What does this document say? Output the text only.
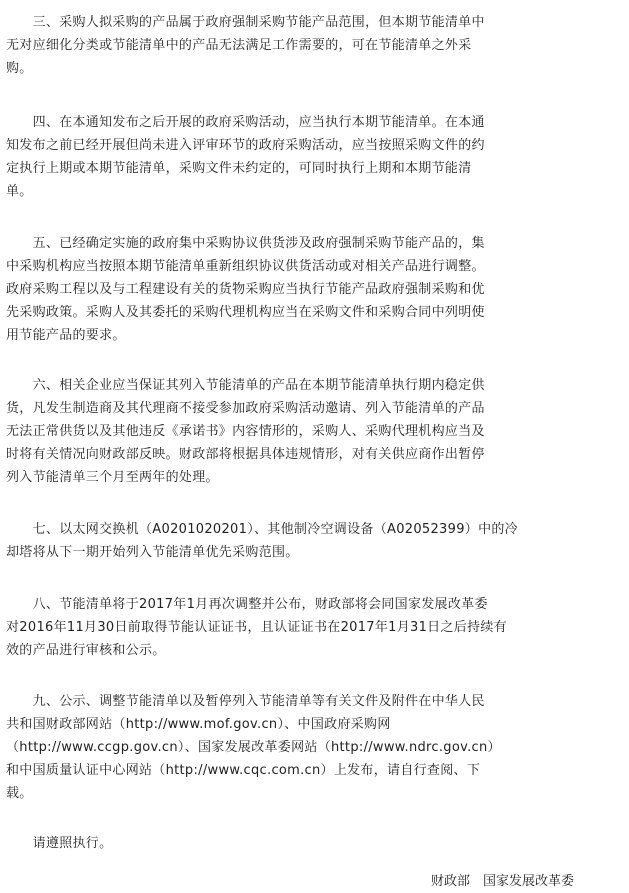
　　三、采购人拟采购的产品属于政府强制采购节能产品范围，但本期节能清单中
无对应细化分类或节能清单中的产品无法满足工作需要的，可在节能清单之外采
购。
　　四、在本通知发布之后开展的政府采购活动，应当执行本期节能清单。在本通
知发布之前已经开展但尚未进入评审环节的政府采购活动，应当按照采购文件的约
定执行上期或本期节能清单，采购文件未约定的，可同时执行上期和本期节能清
单。
　　五、已经确定实施的政府集中采购协议供货涉及政府强制采购节能产品的，集
中采购机构应当按照本期节能清单重新组织协议供货活动或对相关产品进行调整。
政府采购工程以及与工程建设有关的货物采购应当执行节能产品政府强制采购和优
先采购政策。采购人及其委托的采购代理机构应当在采购文件和采购合同中列明使
用节能产品的要求。
　　六、相关企业应当保证其列入节能清单的产品在本期节能清单执行期内稳定供
货，凡发生制造商及其代理商不接受参加政府采购活动邀请、列入节能清单的产品
无法正常供货以及其他违反《承诺书》内容情形的，采购人、采购代理机构应当及
时将有关情况向财政部反映。财政部将根据具体违规情形，对有关供应商作出暂停
列入节能清单三个月至两年的处理。
　　七、以太网交换机（A0201020201）、其他制冷空调设备（A02052399）中的冷
却塔将从下一期开始列入节能清单优先采购范围。
　　八、节能清单将于2017年1月再次调整并公布，财政部将会同国家发展改革委
对2016年11月30日前取得节能认证证书，且认证证书在2017年1月31日之后持续有
效的产品进行审核和公示。
　　九、公示、调整节能清单以及暂停列入节能清单等有关文件及附件在中华人民
共和国财政部网站（http://www.mof.gov.cn）、中国政府采购网
（http://www.ccgp.gov.cn）、国家发展改革委网站（http://www.ndrc.gov.cn）
和中国质量认证中心网站（http://www.cqc.com.cn）上发布，请自行查阅、下
载。
　　请遵照执行。
财政部　国家发展改革委
